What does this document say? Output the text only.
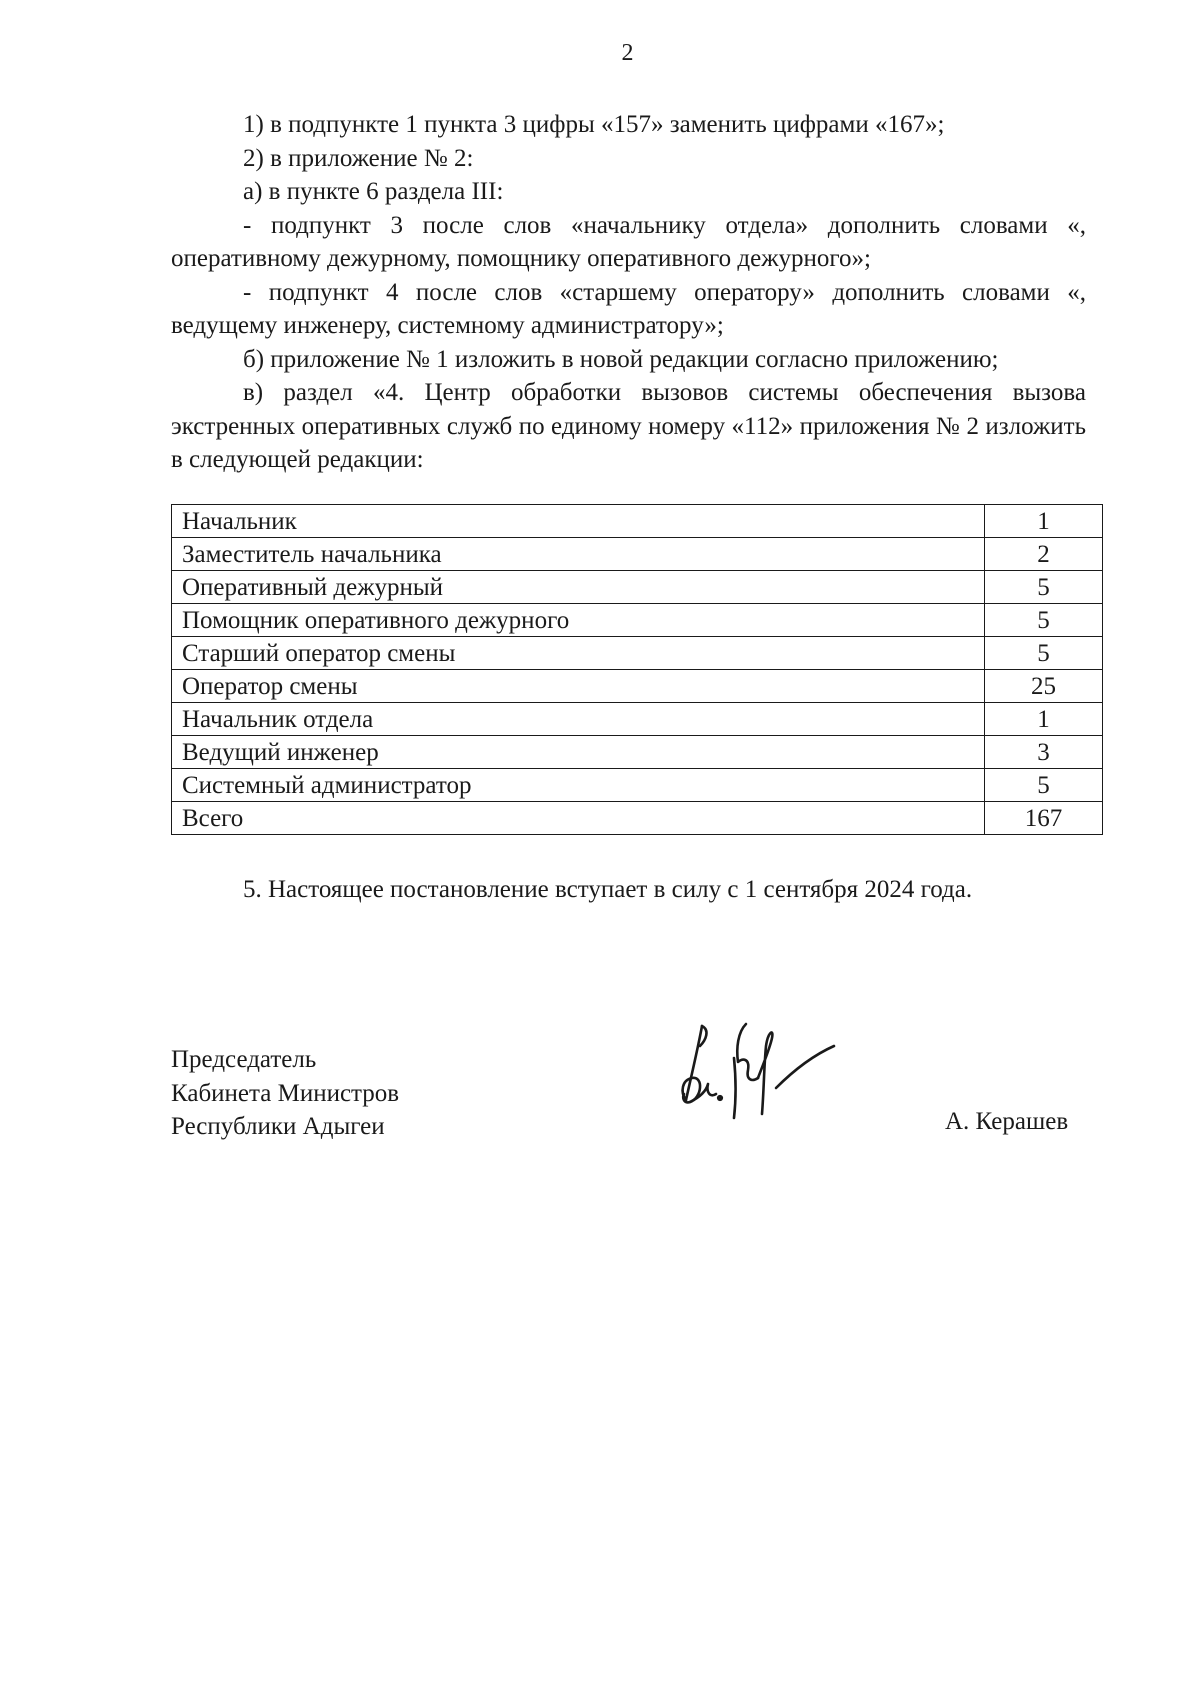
2

1) в подпункте 1 пункта 3 цифры «157» заменить цифрами «167»;

2) в приложение № 2:

а) в пункте 6 раздела III:

- подпункт 3 после слов «начальнику отдела» дополнить словами «, оперативному дежурному, помощнику оперативного дежурного»;

- подпункт 4 после слов «старшему оператору» дополнить словами «, ведущему инженеру, системному администратору»;

б) приложение № 1 изложить в новой редакции согласно приложению;

в) раздел «4. Центр обработки вызовов системы обеспечения вызова экстренных оперативных служб по единому номеру «112» приложения № 2 изложить в следующей редакции:

Начальник	1
Заместитель начальника	2
Оперативный дежурный	5
Помощник оперативного дежурного	5
Старший оператор смены	5
Оператор смены	25
Начальник отдела	1
Ведущий инженер	3
Системный администратор	5
Всего	167
5. Настоящее постановление вступает в силу с 1 сентября 2024 года.
Председатель
Кабинета Министров
Республики Адыгеи	А. Керашев
